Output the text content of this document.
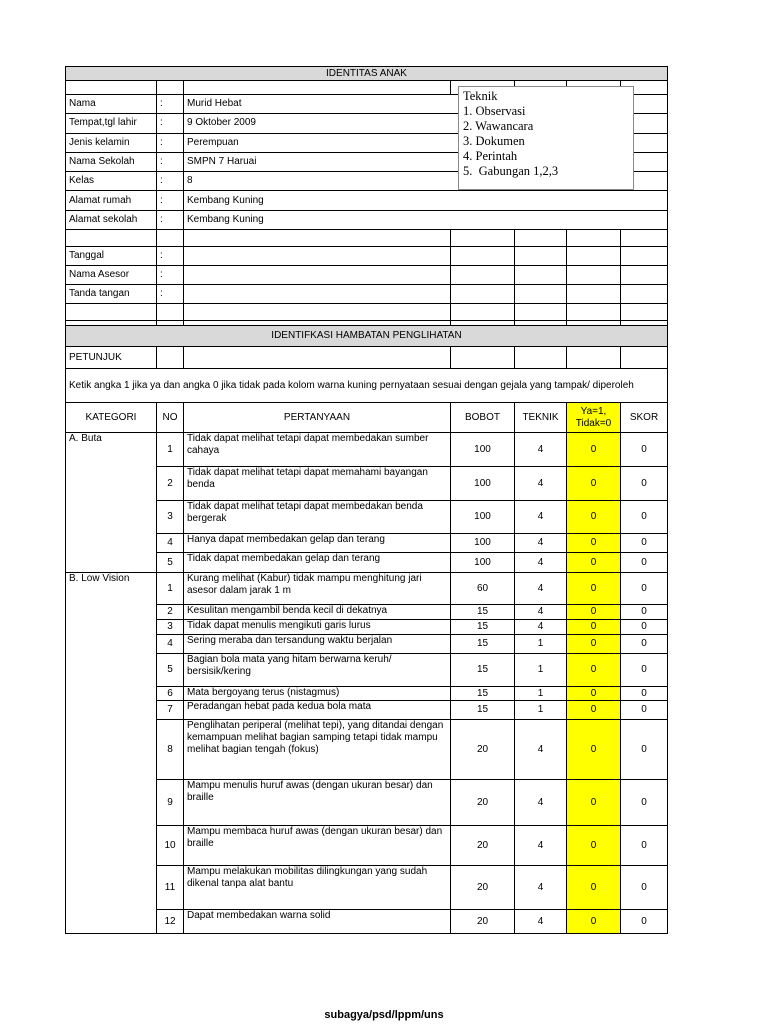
IDENTITAS ANAK						

Nama	:	Murid Hebat				
Tempat,tgl lahir	:	9 Oktober 2009				
Jenis kelamin	:	Perempuan				
Nama Sekolah	:	SMPN 7 Haruai				
Kelas	:	8				
Alamat rumah	:	Kembang Kuning				
Alamat sekolah	:	Kembang Kuning				

Tanggal	:					
Nama Asesor	:					
Tanda tangan	:					

IDENTIFKASI HAMBATAN PENGLIHATAN						
PETUNJUK						
Ketik angka 1 jika ya dan angka 0 jika tidak pada kolom warna kuning pernyataan sesuai dengan gejala yang tampak/ diperoleh						
KATEGORI	NO	PERTANYAAN	BOBOT	TEKNIK	Ya=1, Tidak=0	SKOR
A. Buta	1	Tidak dapat melihat tetapi dapat membedakan sumber cahaya	100	4	0	0
	2	Tidak dapat melihat tetapi dapat memahami bayangan benda	100	4	0	0
	3	Tidak dapat melihat tetapi dapat membedakan benda bergerak	100	4	0	0
	4	Hanya dapat membedakan gelap dan terang	100	4	0	0
	5	Tidak dapat membedakan gelap dan terang	100	4	0	0
B. Low Vision	1	Kurang melihat (Kabur) tidak mampu menghitung jari asesor dalam jarak 1 m	60	4	0	0
	2	Kesulitan mengambil benda kecil di dekatnya	15	4	0	0
	3	Tidak dapat menulis mengikuti garis lurus	15	4	0	0
	4	Sering meraba dan tersandung waktu berjalan	15	1	0	0
	5	Bagian bola mata yang hitam berwarna keruh/ bersisik/kering	15	1	0	0
	6	Mata bergoyang terus (nistagmus)	15	1	0	0
	7	Peradangan hebat pada kedua bola mata	15	1	0	0
	8	Penglihatan periperal (melihat tepi), yang ditandai dengan kemampuan melihat bagian samping tetapi tidak mampu melihat bagian tengah (fokus)	20	4	0	0
	9	Mampu menulis huruf awas (dengan ukuran besar) dan braille	20	4	0	0
	10	Mampu membaca huruf awas (dengan ukuran besar) dan braille	20	4	0	0
	11	Mampu melakukan mobilitas dilingkungan yang sudah dikenal tanpa alat bantu	20	4	0	0
	12	Dapat membedakan warna solid	20	4	0	0
Teknik
1. Observasi
2. Wawancara
3. Dokumen
4. Perintah
5.  Gabungan 1,2,3
subagya/psd/lppm/uns
